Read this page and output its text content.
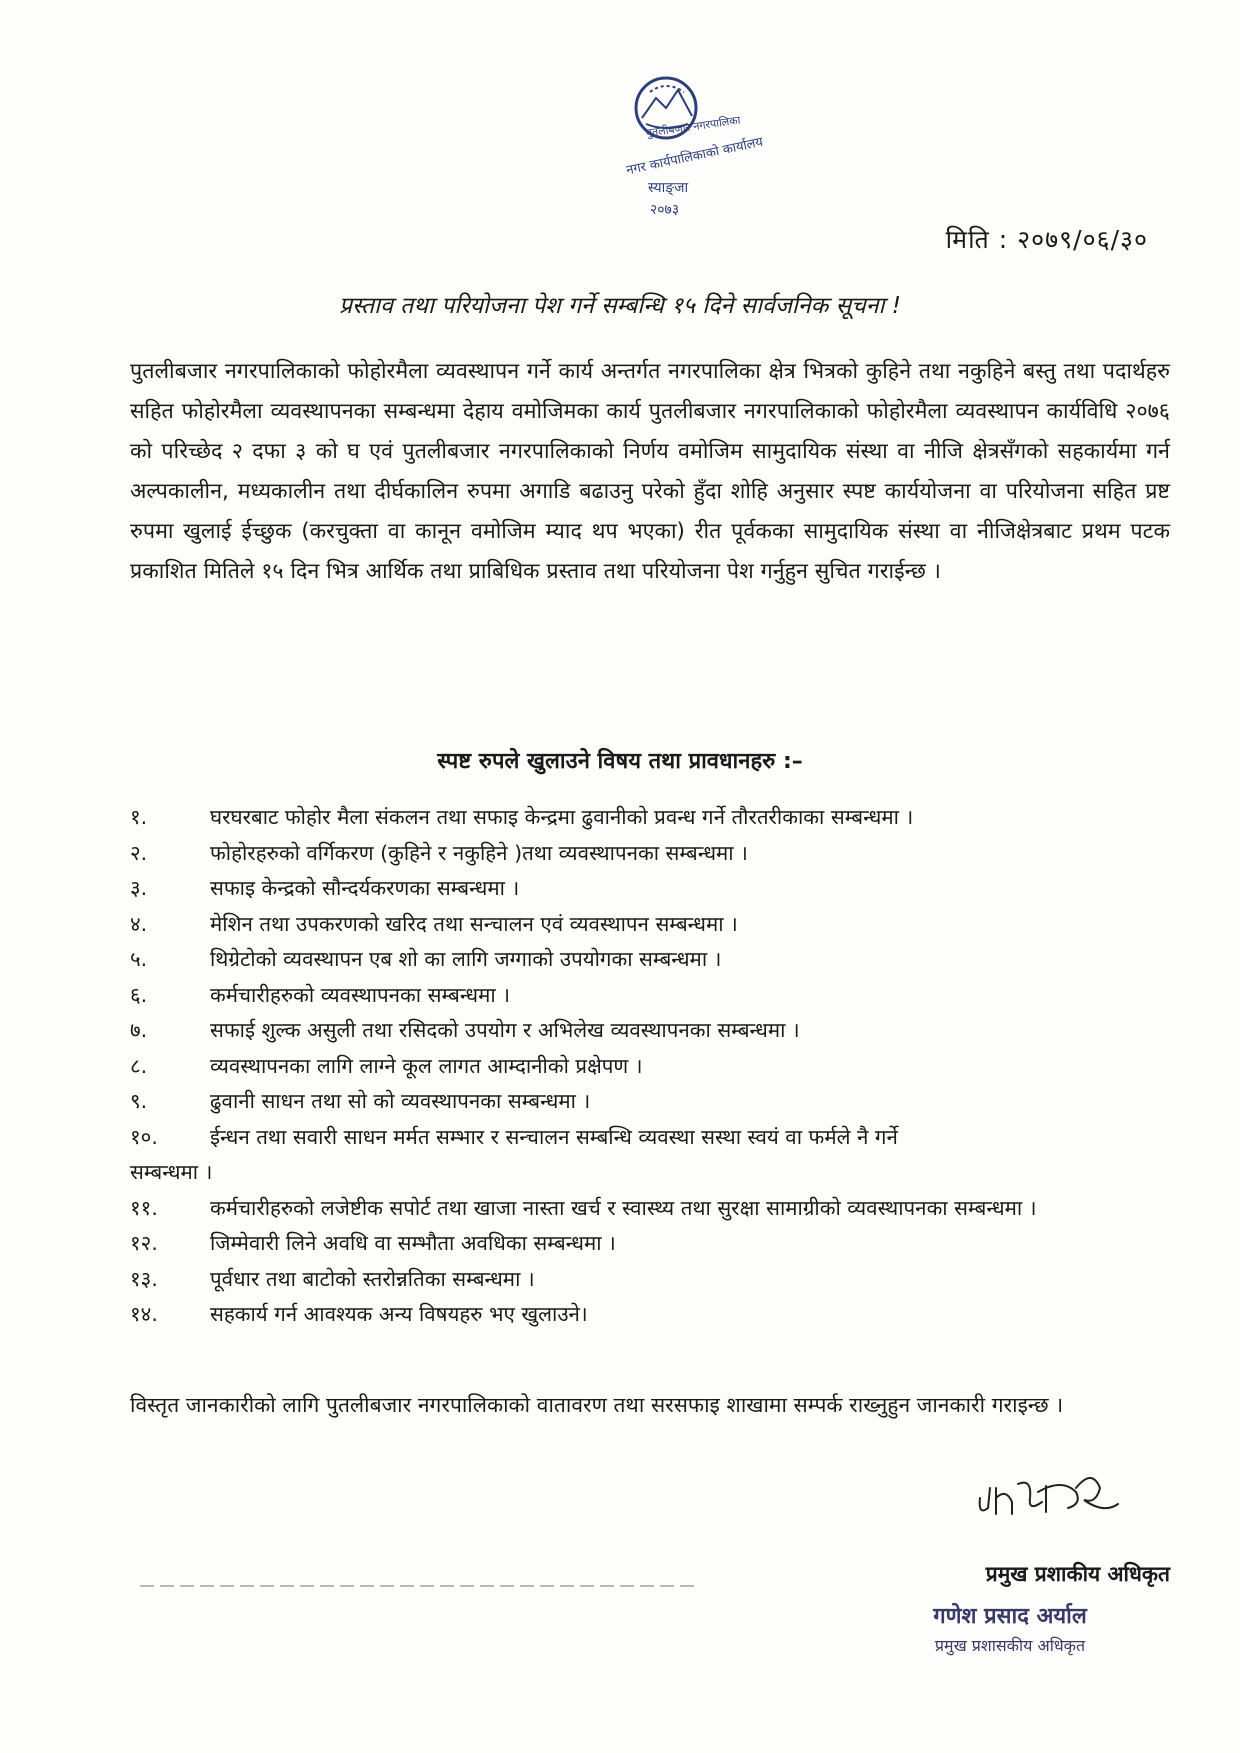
पुतलीबजार नगरपालिका
नगर कार्यपालिकाको कार्यालय
स्याङ्जा
२०७३
मिति : २०७९/०६/३०
प्रस्ताव तथा परियोजना पेश गर्ने सम्बन्धि १५ दिने सार्वजनिक सूचना !

पुतलीबजार नगरपालिकाको फोहोरमैला व्यवस्थापन गर्ने कार्य अन्तर्गत नगरपालिका क्षेत्र भित्रको कुहिने तथा नकुहिने बस्तु तथा पदार्थहरु सहित फोहोरमैला व्यवस्थापनका सम्बन्धमा देहाय वमोजिमका कार्य पुतलीबजार नगरपालिकाको फोहोरमैला व्यवस्थापन कार्यविधि २०७६ को परिच्छेद २ दफा ३ को घ एवं पुतलीबजार नगरपालिकाको निर्णय वमोजिम सामुदायिक संस्था वा नीजि क्षेत्रसँगको सहकार्यमा गर्न अल्पकालीन, मध्यकालीन तथा दीर्घकालिन रुपमा अगाडि बढाउनु परेको हुँदा शोहि अनुसार स्पष्ट कार्ययोजना वा परियोजना सहित प्रष्ट रुपमा खुलाई ईच्छुक (करचुक्ता वा कानून वमोजिम म्याद थप भएका) रीत पूर्वकका सामुदायिक संस्था वा नीजिक्षेत्रबाट प्रथम पटक प्रकाशित मितिले १५ दिन भित्र आर्थिक तथा प्राबिधिक प्रस्ताव तथा परियोजना पेश गर्नुहुन सुचित गराईन्छ ।

स्पष्ट रुपले खुलाउने विषय तथा प्रावधानहरु :–
१.	घरघरबाट फोहोर मैला संकलन तथा सफाइ केन्द्रमा ढुवानीको प्रवन्ध गर्ने तौरतरीकाका सम्बन्धमा ।
२.	फोहोरहरुको वर्गिकरण (कुहिने र नकुहिने )तथा व्यवस्थापनका सम्बन्धमा ।
३.	सफाइ केन्द्रको सौन्दर्यकरणका सम्बन्धमा ।
४.	मेशिन तथा उपकरणको खरिद तथा सन्चालन एवं व्यवस्थापन सम्बन्धमा ।
५.	थिग्रेटोको व्यवस्थापन एब शो का लागि जग्गाको उपयोगका सम्बन्धमा ।
६.	कर्मचारीहरुको व्यवस्थापनका सम्बन्धमा ।
७.	सफाई शुल्क असुली तथा रसिदको उपयोग र अभिलेख व्यवस्थापनका सम्बन्धमा ।
८.	व्यवस्थापनका लागि लाग्ने कूल लागत आम्दानीको प्रक्षेपण ।
९.	ढुवानी साधन तथा सो को व्यवस्थापनका सम्बन्धमा ।
१०.	ईन्धन तथा सवारी साधन मर्मत सम्भार र सन्चालन सम्बन्धि व्यवस्था सस्था स्वयं वा फर्मले नै गर्ने
सम्बन्धमा ।
११.	कर्मचारीहरुको लजेष्टीक सपोर्ट तथा खाजा नास्ता खर्च र स्वास्थ्य तथा सुरक्षा सामाग्रीको व्यवस्थापनका सम्बन्धमा ।
१२.	जिम्मेवारी लिने अवधि वा सम्भौता अवधिका सम्बन्धमा ।
१३.	पूर्वधार तथा बाटोको स्तरोन्नतिका सम्बन्धमा ।
१४.	सहकार्य गर्न आवश्यक अन्य विषयहरु भए खुलाउने।

विस्तृत जानकारीको लागि पुतलीबजार नगरपालिकाको वातावरण तथा सरसफाइ शाखामा सम्पर्क राख्नुहुन जानकारी गराइन्छ ।

प्रमुख प्रशाकीय अधिकृत
गणेश प्रसाद अर्याल
प्रमुख प्रशासकीय अधिकृत
